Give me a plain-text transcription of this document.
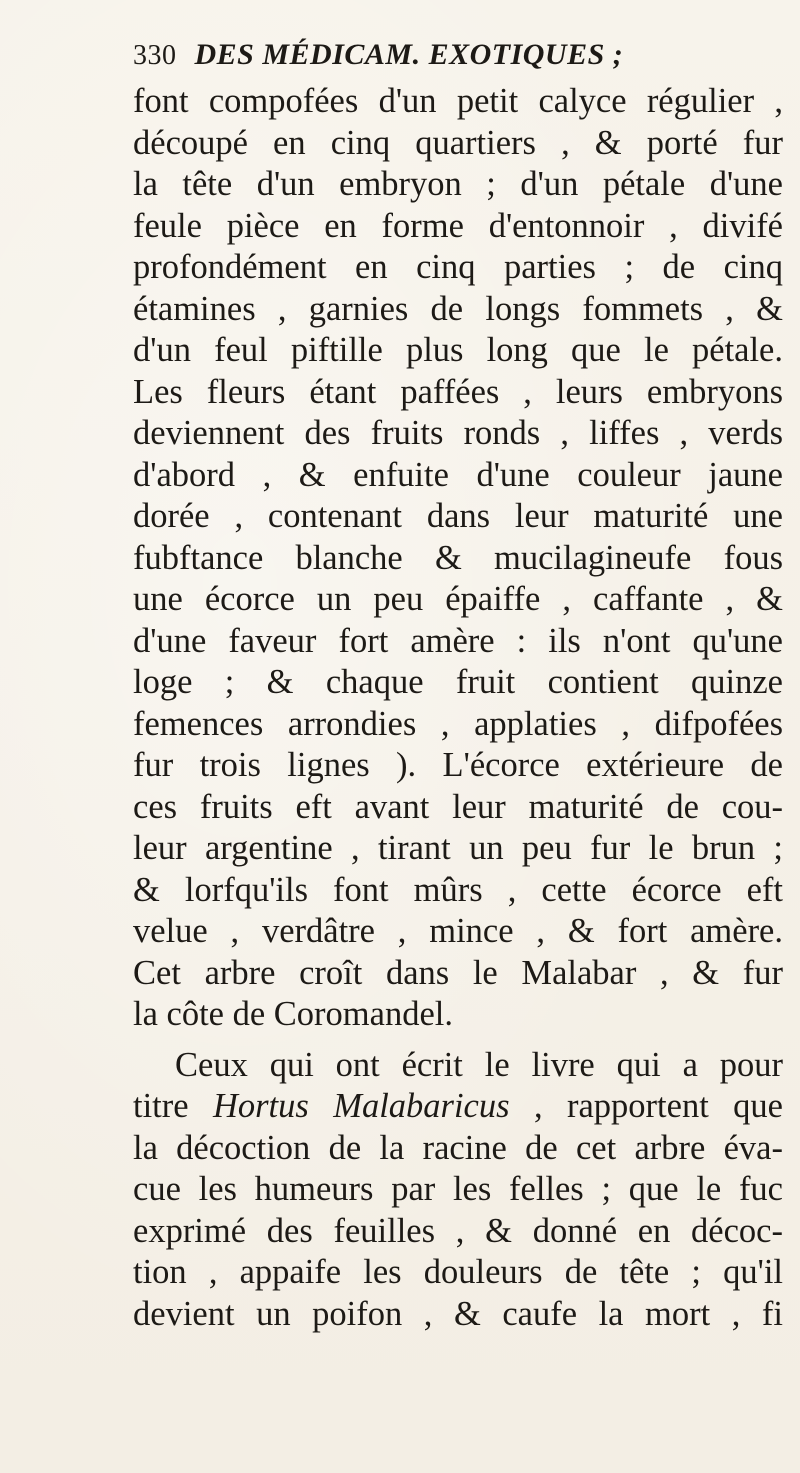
330 DES MÉDICAM. EXOTIQUES ;
font compofées d'un petit calyce régulier ,
découpé en cinq quartiers , & porté fur
la tête d'un embryon ; d'un pétale d'une
feule pièce en forme d'entonnoir , divifé
profondément en cinq parties ; de cinq
étamines , garnies de longs fommets , &
d'un feul piftille plus long que le pétale.
Les fleurs étant paffées , leurs embryons
deviennent des fruits ronds , liffes , verds
d'abord , & enfuite d'une couleur jaune
dorée , contenant dans leur maturité une
fubftance blanche & mucilagineufe fous
une écorce un peu épaiffe , caffante , &
d'une faveur fort amère : ils n'ont qu'une
loge ; & chaque fruit contient quinze
femences arrondies , applaties , difpofées
fur trois lignes ). L'écorce extérieure de
ces fruits eft avant leur maturité de cou-
leur argentine , tirant un peu fur le brun ;
& lorfqu'ils font mûrs , cette écorce eft
velue , verdâtre , mince , & fort amère.
Cet arbre croît dans le Malabar , & fur
la côte de Coromandel.
Ceux qui ont écrit le livre qui a pour
titre Hortus Malabaricus , rapportent que
la décoction de la racine de cet arbre éva-
cue les humeurs par les felles ; que le fuc
exprimé des feuilles , & donné en décoc-
tion , appaife les douleurs de tête ; qu'il
devient un poifon , & caufe la mort , fi
